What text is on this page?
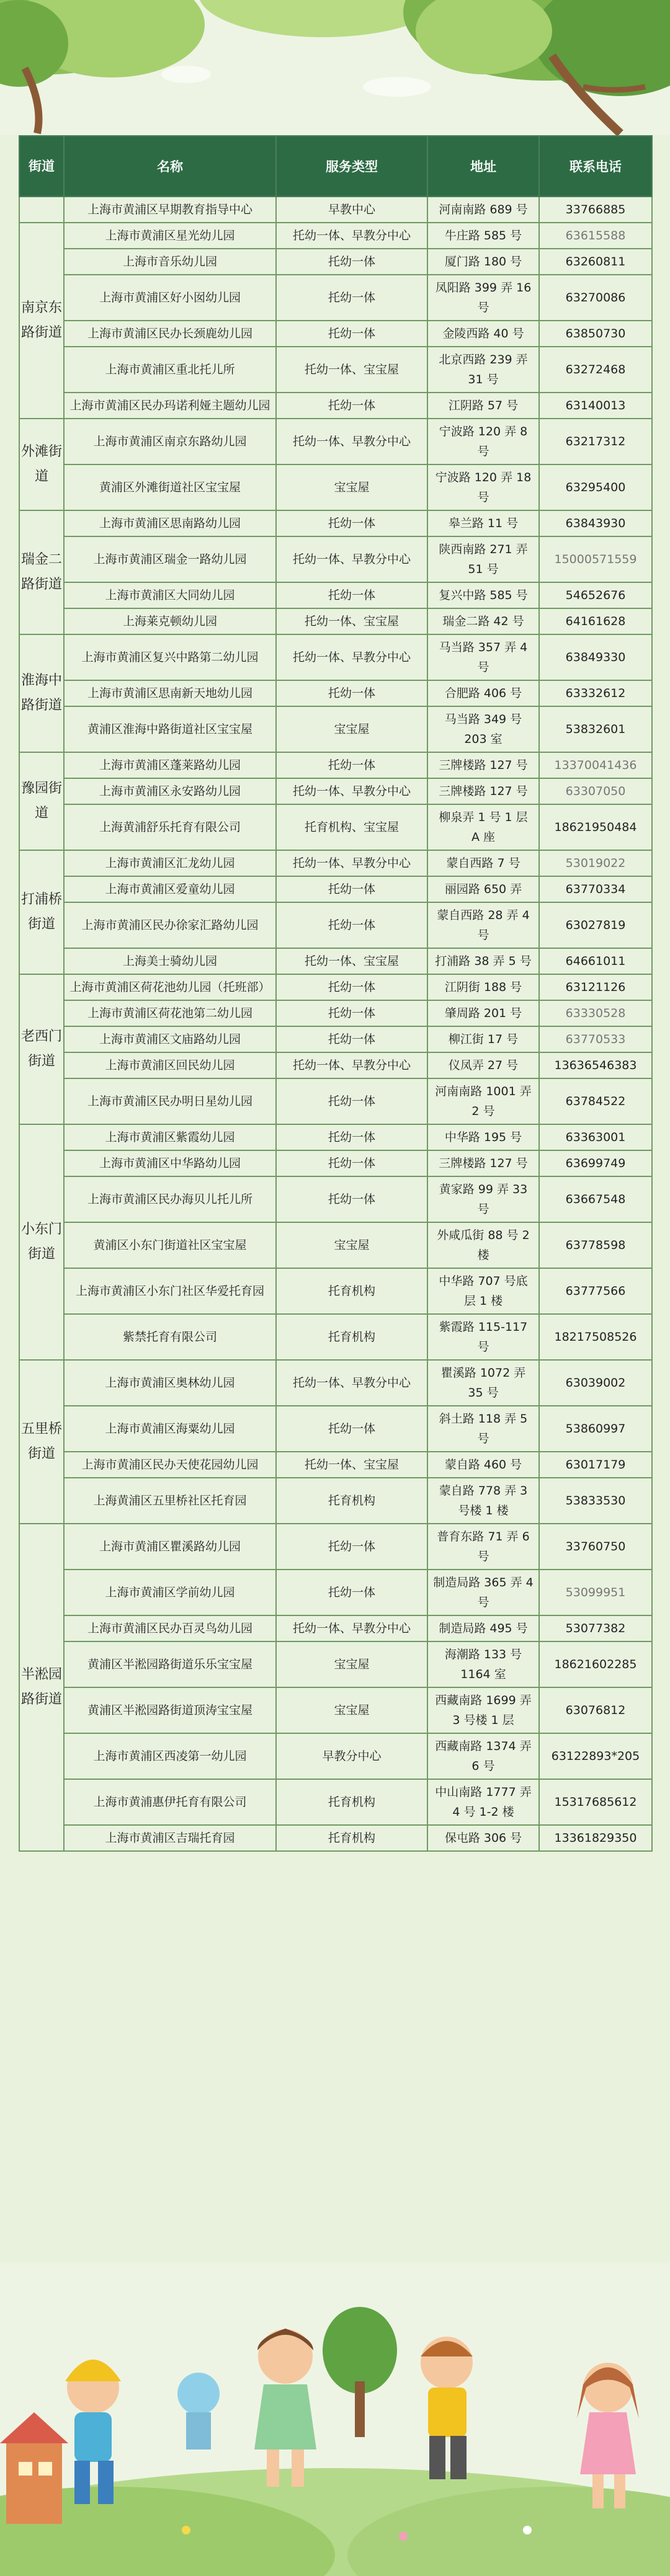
街道	名称	服务类型	地址	联系电话
	上海市黄浦区早期教育指导中心	早教中心	河南南路 689 号	33766885
南京东路街道	上海市黄浦区星光幼儿园	托幼一体、早教分中心	牛庄路 585 号	63615588
	上海市音乐幼儿园	托幼一体	厦门路 180 号	63260811
	上海市黄浦区好小囡幼儿园	托幼一体	凤阳路 399 弄 16 号	63270086
	上海市黄浦区民办长颈鹿幼儿园	托幼一体	金陵西路 40 号	63850730
	上海市黄浦区重北托儿所	托幼一体、宝宝屋	北京西路 239 弄 31 号	63272468
	上海市黄浦区民办玛诺利娅主题幼儿园	托幼一体	江阴路 57 号	63140013
外滩街道	上海市黄浦区南京东路幼儿园	托幼一体、早教分中心	宁波路 120 弄 8 号	63217312
	黄浦区外滩街道社区宝宝屋	宝宝屋	宁波路 120 弄 18 号	63295400
瑞金二路街道	上海市黄浦区思南路幼儿园	托幼一体	皋兰路 11 号	63843930
	上海市黄浦区瑞金一路幼儿园	托幼一体、早教分中心	陕西南路 271 弄 51 号	15000571559
	上海市黄浦区大同幼儿园	托幼一体	复兴中路 585 号	54652676
	上海莱克顿幼儿园	托幼一体、宝宝屋	瑞金二路 42 号	64161628
淮海中路街道	上海市黄浦区复兴中路第二幼儿园	托幼一体、早教分中心	马当路 357 弄 4 号	63849330
	上海市黄浦区思南新天地幼儿园	托幼一体	合肥路 406 号	63332612
	黄浦区淮海中路街道社区宝宝屋	宝宝屋	马当路 349 号 203 室	53832601
豫园街道	上海市黄浦区蓬莱路幼儿园	托幼一体	三牌楼路 127 号	13370041436
	上海市黄浦区永安路幼儿园	托幼一体、早教分中心	三牌楼路 127 号	63307050
	上海黄浦舒乐托育有限公司	托育机构、宝宝屋	柳泉弄 1 号 1 层 A 座	18621950484
打浦桥街道	上海市黄浦区汇龙幼儿园	托幼一体、早教分中心	蒙自西路 7 号	53019022
	上海市黄浦区爱童幼儿园	托幼一体	丽园路 650 弄	63770334
	上海市黄浦区民办徐家汇路幼儿园	托幼一体	蒙自西路 28 弄 4 号	63027819
	上海美士骑幼儿园	托幼一体、宝宝屋	打浦路 38 弄 5 号	64661011
老西门街道	上海市黄浦区荷花池幼儿园（托班部）	托幼一体	江阴街 188 号	63121126
	上海市黄浦区荷花池第二幼儿园	托幼一体	肇周路 201 号	63330528
	上海市黄浦区文庙路幼儿园	托幼一体	柳江街 17 号	63770533
	上海市黄浦区回民幼儿园	托幼一体、早教分中心	仪凤弄 27 号	13636546383
	上海市黄浦区民办明日星幼儿园	托幼一体	河南南路 1001 弄 2 号	63784522
小东门街道	上海市黄浦区紫霞幼儿园	托幼一体	中华路 195 号	63363001
	上海市黄浦区中华路幼儿园	托幼一体	三牌楼路 127 号	63699749
	上海市黄浦区民办海贝儿托儿所	托幼一体	黄家路 99 弄 33 号	63667548
	黄浦区小东门街道社区宝宝屋	宝宝屋	外咸瓜街 88 号 2 楼	63778598
	上海市黄浦区小东门社区华爱托育园	托育机构	中华路 707 号底层 1 楼	63777566
	紫禁托育有限公司	托育机构	紫霞路 115-117 号	18217508526
五里桥街道	上海市黄浦区奥林幼儿园	托幼一体、早教分中心	瞿溪路 1072 弄 35 号	63039002
	上海市黄浦区海粟幼儿园	托幼一体	斜土路 118 弄 5 号	53860997
	上海市黄浦区民办天使花园幼儿园	托幼一体、宝宝屋	蒙自路 460 号	63017179
	上海黄浦区五里桥社区托育园	托育机构	蒙自路 778 弄 3 号楼 1 楼	53833530
半淞园路街道	上海市黄浦区瞿溪路幼儿园	托幼一体	普育东路 71 弄 6 号	33760750
	上海市黄浦区学前幼儿园	托幼一体	制造局路 365 弄 4 号	53099951
	上海市黄浦区民办百灵鸟幼儿园	托幼一体、早教分中心	制造局路 495 号	53077382
	黄浦区半淞园路街道乐乐宝宝屋	宝宝屋	海潮路 133 号 1164 室	18621602285
	黄浦区半淞园路街道顶涛宝宝屋	宝宝屋	西藏南路 1699 弄 3 号楼 1 层	63076812
	上海市黄浦区西凌第一幼儿园	早教分中心	西藏南路 1374 弄 6 号	63122893*205
	上海市黄浦惠伊托育有限公司	托育机构	中山南路 1777 弄 4 号 1-2 楼	15317685612
	上海市黄浦区吉瑞托育园	托育机构	保屯路 306 号	13361829350
